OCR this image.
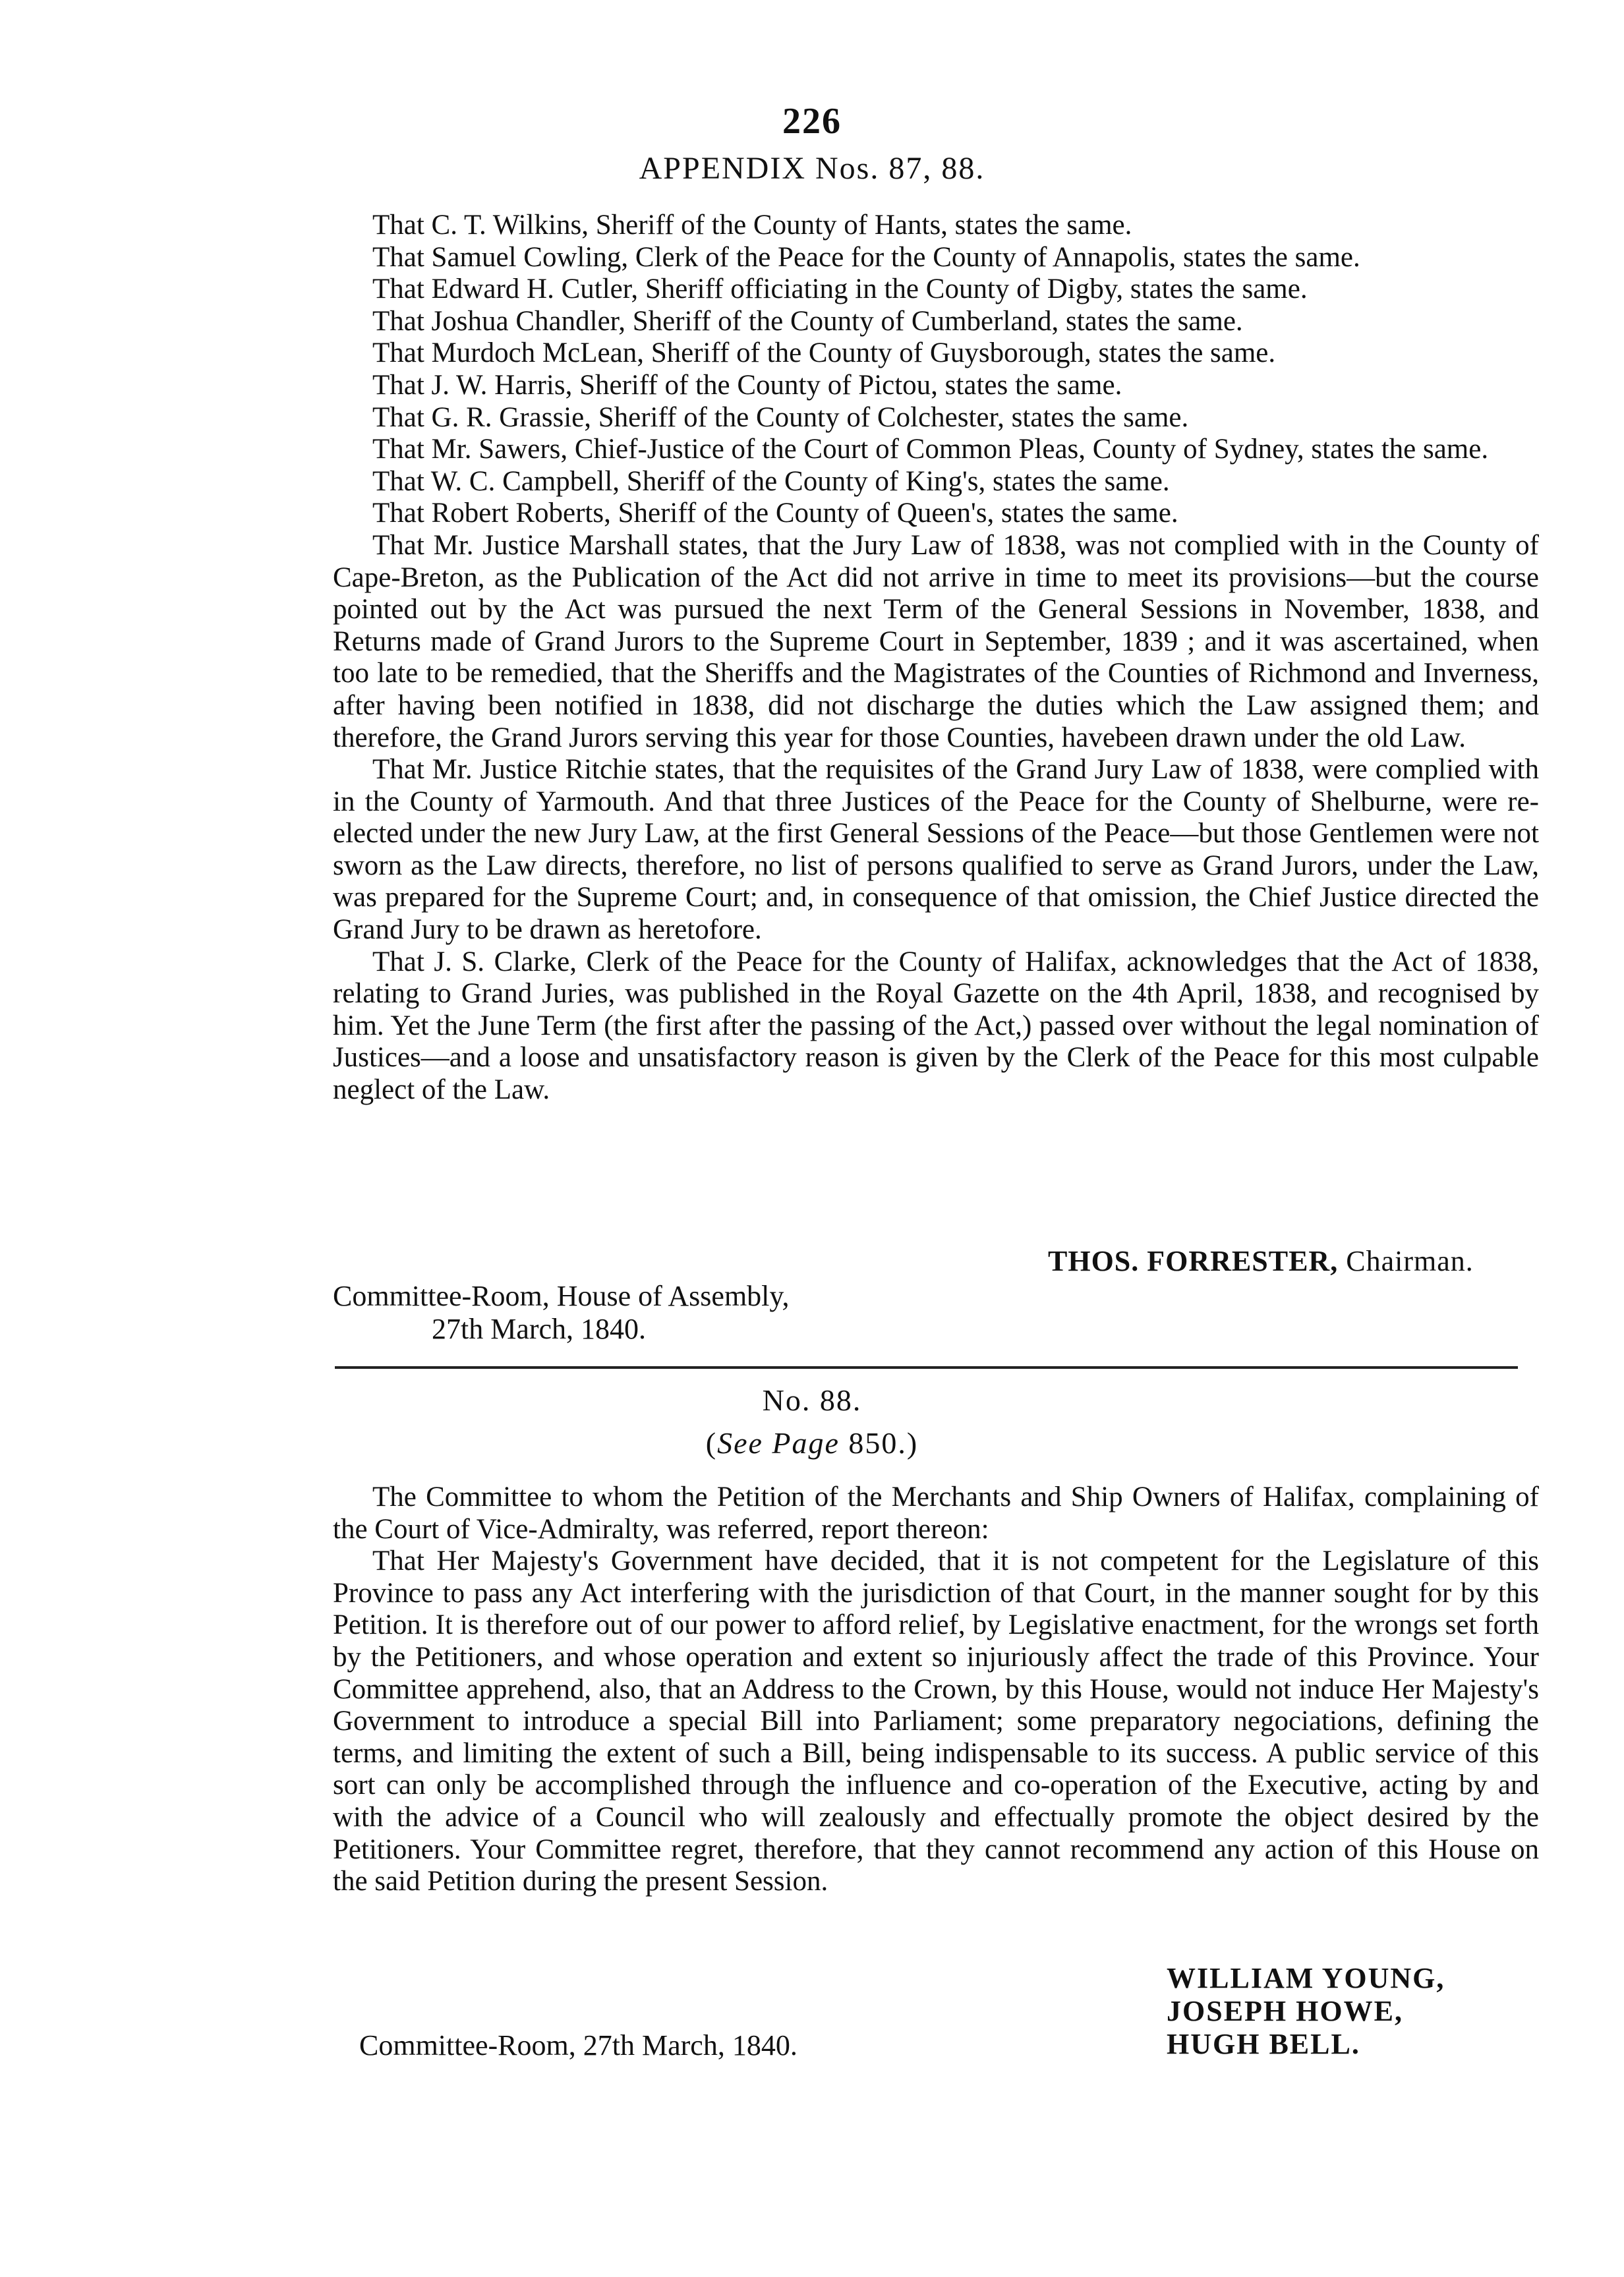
226
APPENDIX Nos. 87, 88.

That C. T. Wilkins, Sheriff of the County of Hants, states the same.

That Samuel Cowling, Clerk of the Peace for the County of Annapolis, states the same.

That Edward H. Cutler, Sheriff officiating in the County of Digby, states the same.

That Joshua Chandler, Sheriff of the County of Cumberland, states the same.

That Murdoch McLean, Sheriff of the County of Guysborough, states the same.

That J. W. Harris, Sheriff of the County of Pictou, states the same.

That G. R. Grassie, Sheriff of the County of Colchester, states the same.

That Mr. Sawers, Chief-Justice of the Court of Common Pleas, County of Sydney, states the same.

That W. C. Campbell, Sheriff of the County of King's, states the same.

That Robert Roberts, Sheriff of the County of Queen's, states the same.

That Mr. Justice Marshall states, that the Jury Law of 1838, was not complied with in the County of Cape-Breton, as the Publication of the Act did not arrive in time to meet its provisions—but the course pointed out by the Act was pursued the next Term of the General Sessions in November, 1838, and Returns made of Grand Jurors to the Supreme Court in September, 1839 ; and it was ascertained, when too late to be remedied, that the Sheriffs and the Magistrates of the Counties of Richmond and Inverness, after having been notified in 1838, did not discharge the duties which the Law assigned them; and therefore, the Grand Jurors serving this year for those Counties, havebeen drawn under the old Law.

That Mr. Justice Ritchie states, that the requisites of the Grand Jury Law of 1838, were complied with in the County of Yarmouth. And that three Justices of the Peace for the County of Shelburne, were re-elected under the new Jury Law, at the first General Sessions of the Peace—but those Gentlemen were not sworn as the Law directs, therefore, no list of persons qualified to serve as Grand Jurors, under the Law, was prepared for the Supreme Court; and, in consequence of that omission, the Chief Justice directed the Grand Jury to be drawn as heretofore.

That J. S. Clarke, Clerk of the Peace for the County of Halifax, acknowledges that the Act of 1838, relating to Grand Juries, was published in the Royal Gazette on the 4th April, 1838, and recognised by him. Yet the June Term (the first after the passing of the Act,) passed over without the legal nomination of Justices—and a loose and unsatisfactory reason is given by the Clerk of the Peace for this most culpable neglect of the Law.

THOS. FORRESTER, Chairman.
Committee-Room, House of Assembly,
27th March, 1840.
No. 88.
(See Page 850.)

The Committee to whom the Petition of the Merchants and Ship Owners of Halifax, complaining of the Court of Vice-Admiralty, was referred, report thereon:

That Her Majesty's Government have decided, that it is not competent for the Legislature of this Province to pass any Act interfering with the jurisdiction of that Court, in the manner sought for by this Petition. It is therefore out of our power to afford relief, by Legislative enactment, for the wrongs set forth by the Petitioners, and whose operation and extent so injuriously affect the trade of this Province. Your Committee apprehend, also, that an Address to the Crown, by this House, would not induce Her Majesty's Government to introduce a special Bill into Parliament; some preparatory negociations, defining the terms, and limiting the extent of such a Bill, being indispensable to its success. A public service of this sort can only be accomplished through the influence and co-operation of the Executive, acting by and with the advice of a Council who will zealously and effectually promote the object desired by the Petitioners. Your Committee regret, therefore, that they cannot recommend any action of this House on the said Petition during the present Session.

WILLIAM YOUNG,
JOSEPH HOWE,
HUGH BELL.
Committee-Room, 27th March, 1840.
